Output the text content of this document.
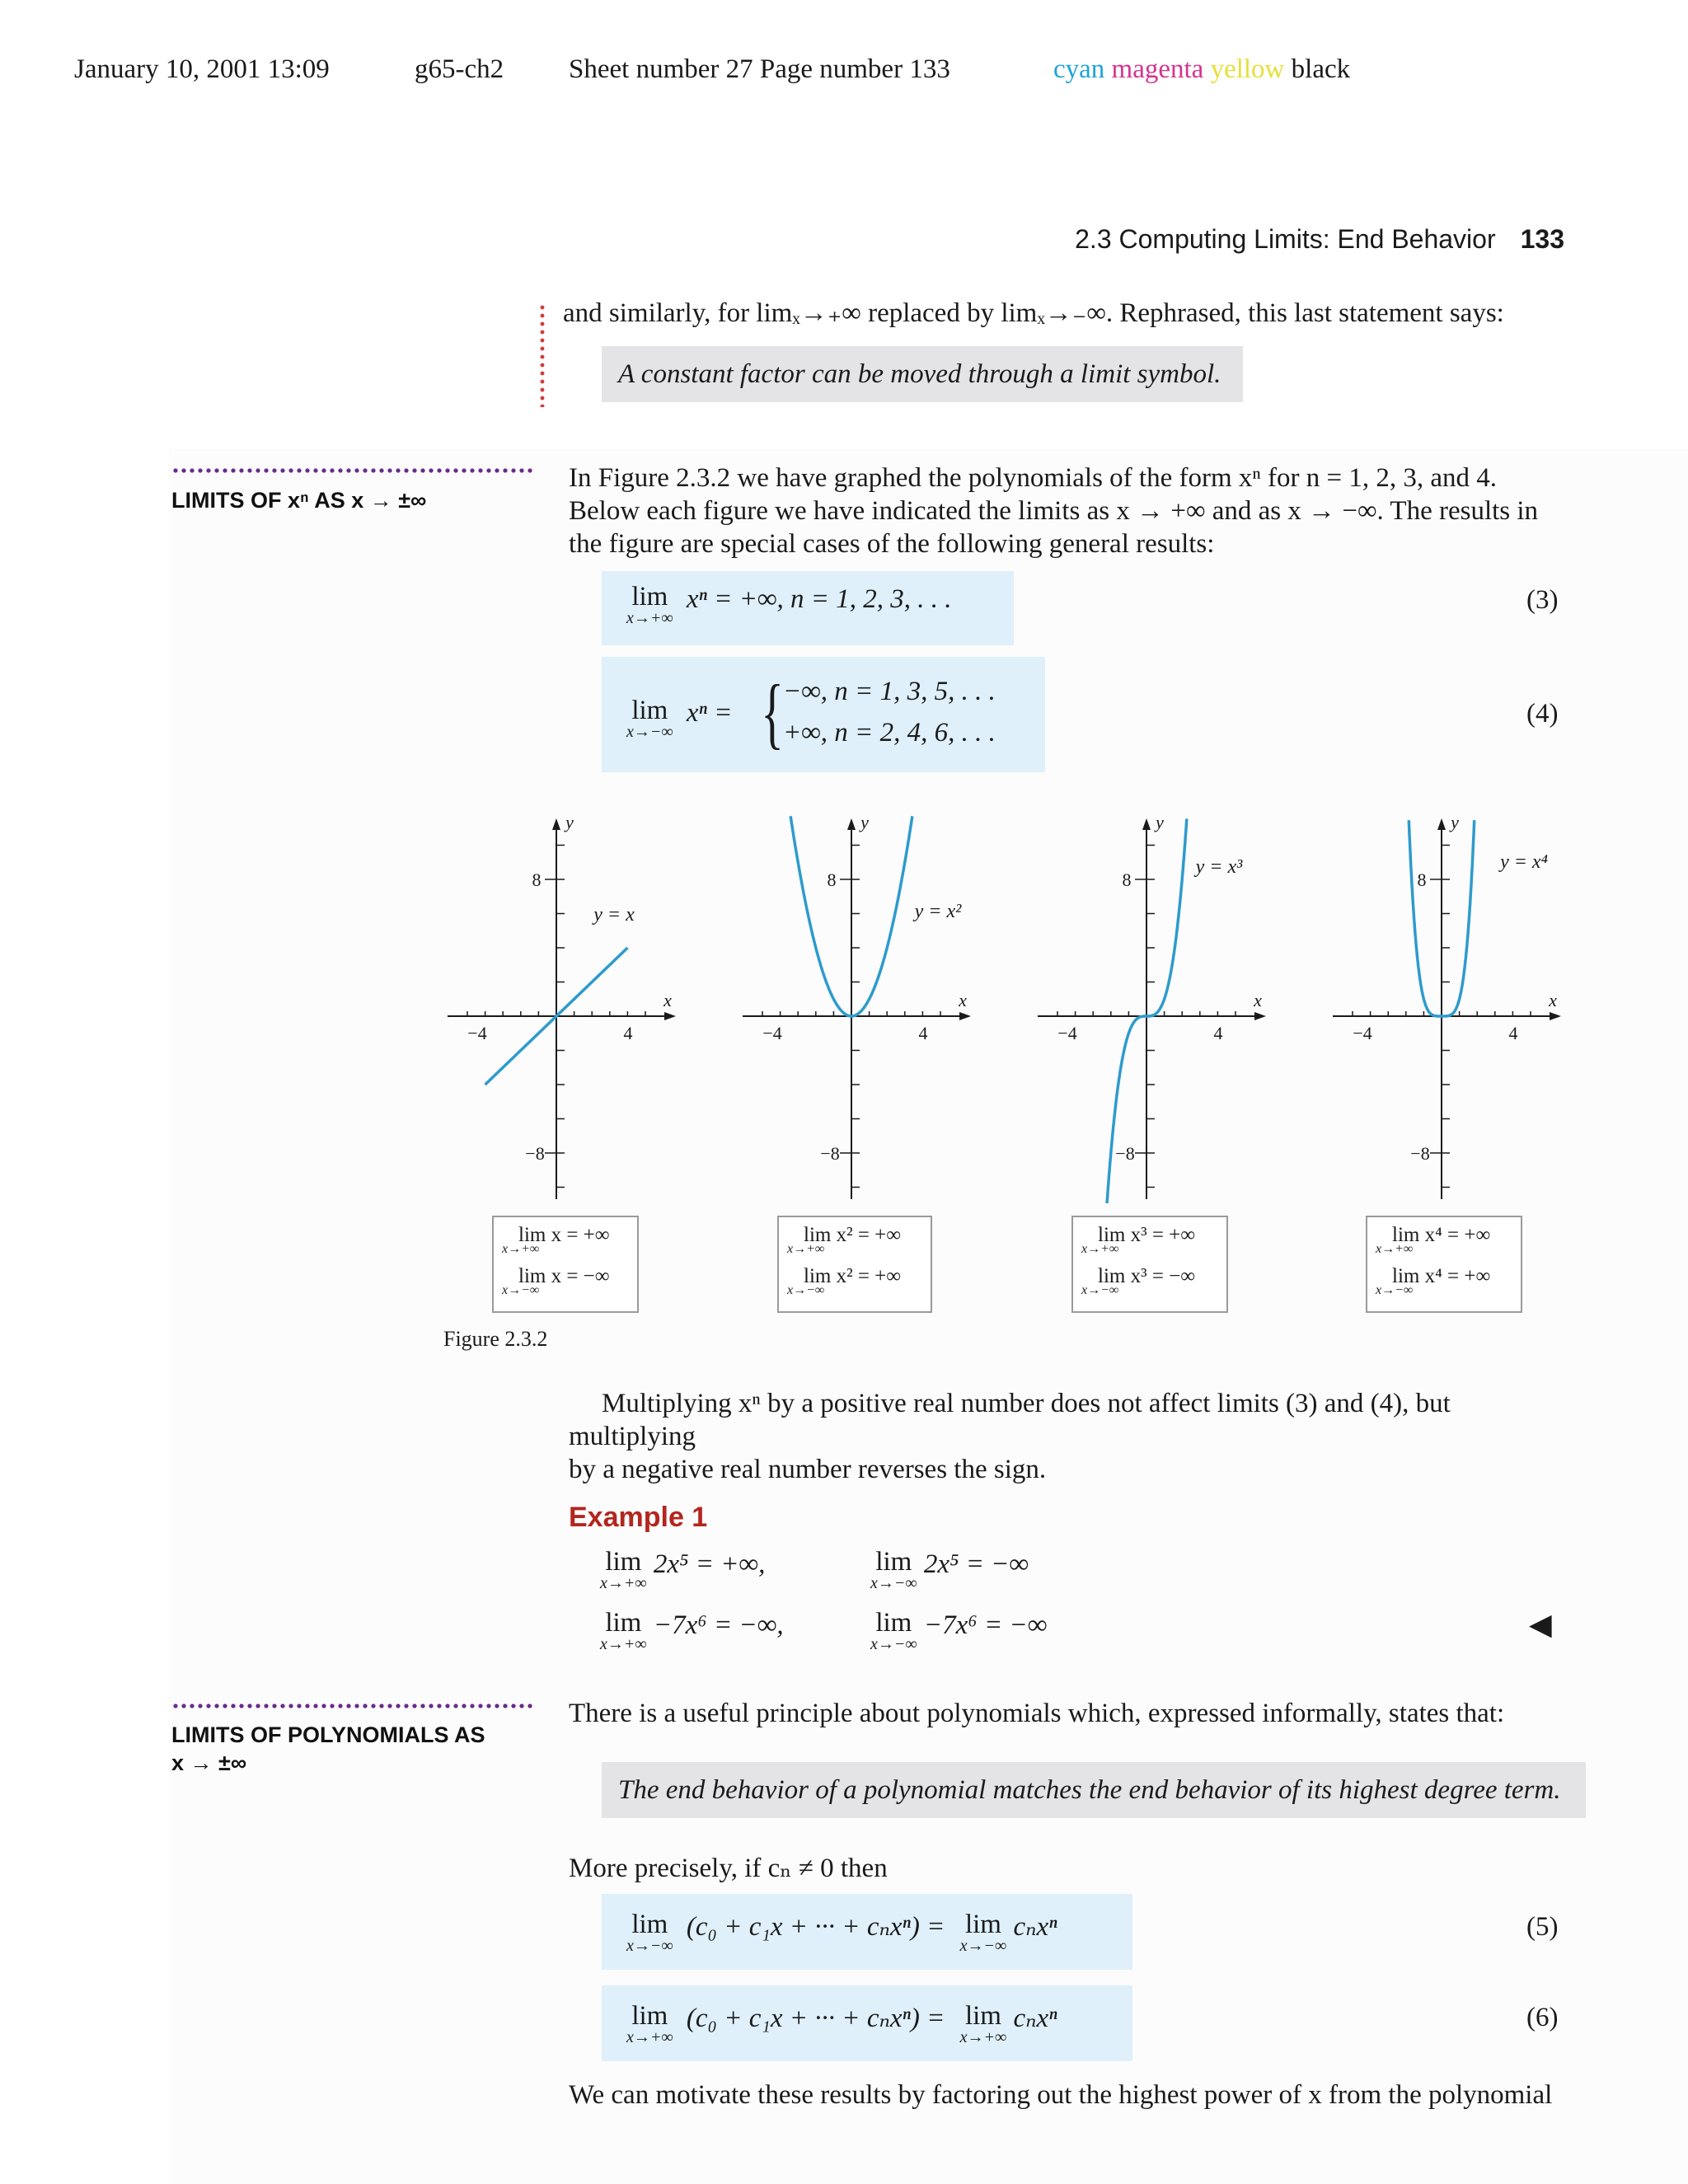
January 10, 2001 13:09	g65-ch2 Sheet number 27 Page number 133	cyan magenta yellow black
2.3 Computing Limits: End Behavior 133
and similarly, for limₓ→₊∞ replaced by limₓ→₋∞. Rephrased, this last statement says:
A constant factor can be moved through a limit symbol.
LIMITS OF xⁿ AS x → ±∞
In Figure 2.3.2 we have graphed the polynomials of the form xⁿ for n = 1, 2, 3, and 4.
Below each figure we have indicated the limits as x → +∞ and as x → −∞. The results in
the figure are special cases of the following general results:
lim
x→+∞
xⁿ = +∞, n = 1, 2, 3, . . .	(3)
lim
x→−∞
xⁿ = { −∞, n = 1, 3, 5, . . .
+∞, n = 2, 4, 6, . . .
(4)
−4	4
8
−8
x
y
y = x
−4	4
8
−8
x
y
y = x²
−4	4
8
−8
x
y
y = x³
−4	4
8
−8
x
y
y = x⁴
lim x = +∞
x→+∞
lim x = −∞
x→−∞
lim x² = +∞
x→+∞
lim x² = +∞
x→−∞
lim x³ = +∞
x→+∞
lim x³ = −∞
x→−∞
lim x⁴ = +∞
x→+∞
lim x⁴ = +∞
x→−∞
Figure 2.3.2
Multiplying xⁿ by a positive real number does not affect limits (3) and (4), but multiplying
by a negative real number reverses the sign.
Example 1
lim
x→+∞
2x⁵ = +∞,	lim
x→−∞
2x⁵ = −∞
lim
x→+∞
−7x⁶ = −∞,	lim
x→−∞
−7x⁶ = −∞	◀
LIMITS OF POLYNOMIALS AS
x → ±∞
There is a useful principle about polynomials which, expressed informally, states that:
The end behavior of a polynomial matches the end behavior of its highest degree term.
More precisely, if cₙ ≠ 0 then
lim
x→−∞
(c₀ + c₁x + ··· + cₙxⁿ) = lim
x→−∞
cₙxⁿ	(5)
lim
x→+∞
(c₀ + c₁x + ··· + cₙxⁿ) = lim
x→+∞
cₙxⁿ	(6)
We can motivate these results by factoring out the highest power of x from the polynomial
